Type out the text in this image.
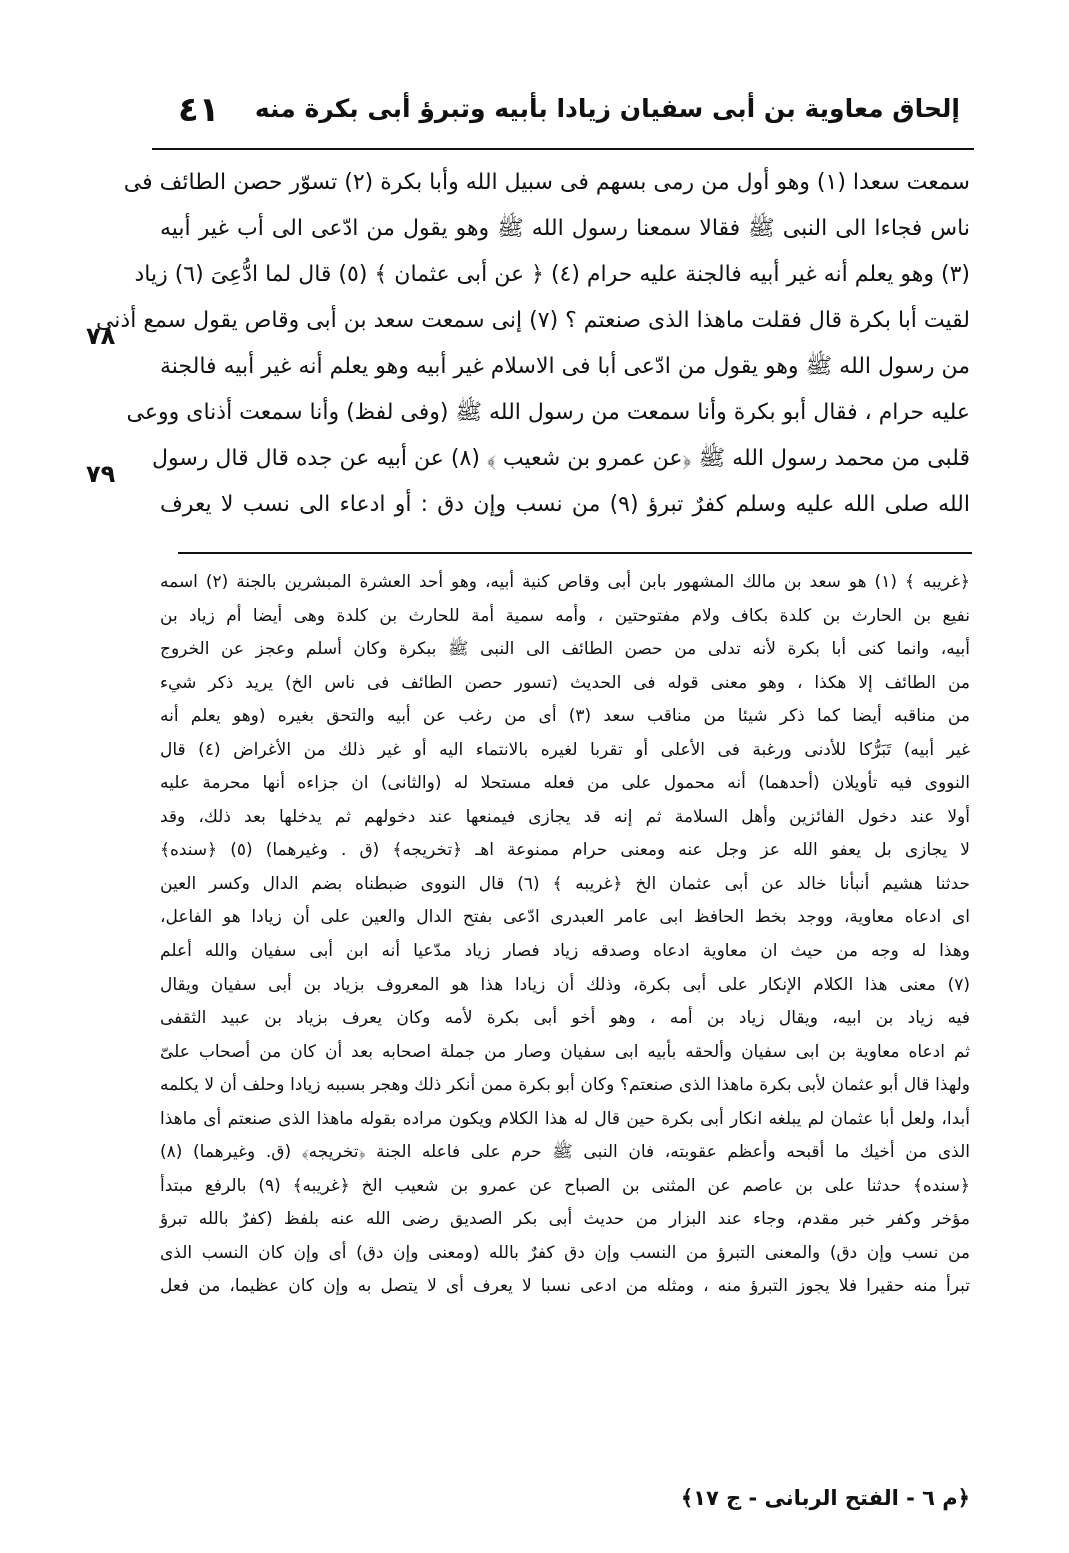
٤١ إلحاق معاوية بن أبى سفيان زيادا بأبيه وتبرؤ أبى بكرة منه
٧٨
٧٩
سمعت سعدا (١) وهو أول من رمى بسهم فى سبيل الله وأبا بكرة (٢) تسوّر حصن الطائف فى
ناس فجاءا الى النبى ﷺ فقالا سمعنا رسول الله ﷺ وهو يقول من ادّعى الى أب غير أبيه
(٣) وهو يعلم أنه غير أبيه فالجنة عليه حرام (٤) ﴿ عن أبى عثمان ﴾ (٥) قال لما ادُّعِىَ (٦) زياد
لقيت أبا بكرة قال فقلت ماهذا الذى صنعتم ؟ (٧) إنى سمعت سعد بن أبى وقاص يقول سمع أذنى
من رسول الله ﷺ وهو يقول من ادّعى أبا فى الاسلام غير أبيه وهو يعلم أنه غير أبيه فالجنة
عليه حرام ، فقال أبو بكرة وأنا سمعت من رسول الله ﷺ (وفى لفظ) وأنا سمعت أذناى ووعى
قلبى من محمد رسول الله ﷺ ﴿عن عمرو بن شعيب ﴾ (٨) عن أبيه عن جده قال قال رسول
الله صلى الله عليه وسلم كفرٌ تبرؤ (٩) من نسب وإن دق : أو ادعاء الى نسب لا يعرف
﴿غريبه ﴾ (١) هو سعد بن مالك المشهور بابن أبى وقاص كنية أبيه، وهو أحد العشرة المبشرين بالجنة (٢) اسمه
نفيع بن الحارث بن كلدة بكاف ولام مفتوحتين ، وأمه سمية أمة للحارث بن كلدة وهى أيضا أم زياد بن
أبيه، وانما كنى أبا بكرة لأنه تدلى من حصن الطائف الى النبى ﷺ ببكرة وكان أسلم وعجز عن الخروج
من الطائف إلا هكذا ، وهو معنى قوله فى الحديث (تسور حصن الطائف فى ناس الخ) يريد ذكر شيء
من مناقبه أيضا كما ذكر شيئا من مناقب سعد (٣) أى من رغب عن أبيه والتحق بغيره (وهو يعلم أنه
غير أبيه) تَبَرُّكا للأدنى ورغبة فى الأعلى أو تقربا لغيره بالانتماء اليه أو غير ذلك من الأغراض (٤) قال
النووى فيه تأويلان (أحدهما) أنه محمول على من فعله مستحلا له (والثانى) ان جزاءه أنها محرمة عليه
أولا عند دخول الفائزين وأهل السلامة ثم إنه قد يجازى فيمنعها عند دخولهم ثم يدخلها بعد ذلك، وقد
لا يجازى بل يعفو الله عز وجل عنه ومعنى حرام ممنوعة اهـ ﴿تخريجه﴾ (ق . وغيرهما) (٥) ﴿سنده﴾
حدثنا هشيم أنبأنا خالد عن أبى عثمان الخ ﴿غريبه ﴾ (٦) قال النووى ضبطناه بضم الدال وكسر العين
اى ادعاه معاوية، ووجد بخط الحافظ ابى عامر العبدرى ادّعى بفتح الدال والعين على أن زيادا هو الفاعل،
وهذا له وجه من حيث ان معاوية ادعاه وصدقه زياد فصار زياد مدّعيا أنه ابن أبى سفيان والله أعلم
(٧) معنى هذا الكلام الإنكار على أبى بكرة، وذلك أن زيادا هذا هو المعروف بزياد بن أبى سفيان ويقال
فيه زياد بن ابيه، ويقال زياد بن أمه ، وهو أخو أبى بكرة لأمه وكان يعرف بزياد بن عبيد الثقفى
ثم ادعاه معاوية بن ابى سفيان وألحقه بأبيه ابى سفيان وصار من جملة اصحابه بعد أن كان من أصحاب علىّ
ولهذا قال أبو عثمان لأبى بكرة ماهذا الذى صنعتم؟ وكان أبو بكرة ممن أنكر ذلك وهجر بسببه زيادا وحلف أن لا يكلمه
أبدا، ولعل أبا عثمان لم يبلغه انكار أبى بكرة حين قال له هذا الكلام ويكون مراده بقوله ماهذا الذى صنعتم أى ماهذا
الذى من أخيك ما أقبحه وأعظم عقوبته، فان النبى ﷺ حرم على فاعله الجنة ﴿تخريجه﴾ (ق. وغيرهما) (٨)
﴿سنده﴾ حدثنا على بن عاصم عن المثنى بن الصباح عن عمرو بن شعيب الخ ﴿غريبه﴾ (٩) بالرفع مبتدأ
مؤخر وكفر خبر مقدم، وجاء عند البزار من حديث أبى بكر الصديق رضى الله عنه بلفظ (كفرٌ بالله تبرؤ
من نسب وإن دق) والمعنى التبرؤ من النسب وإن دق كفرٌ بالله (ومعنى وإن دق) أى وإن كان النسب الذى
تبرأ منه حقيرا فلا يجوز التبرؤ منه ، ومثله من ادعى نسبا لا يعرف أى لا يتصل به وإن كان عظيما، من فعل
﴿م ٦ - الفتح الربانى - ج ١٧﴾
